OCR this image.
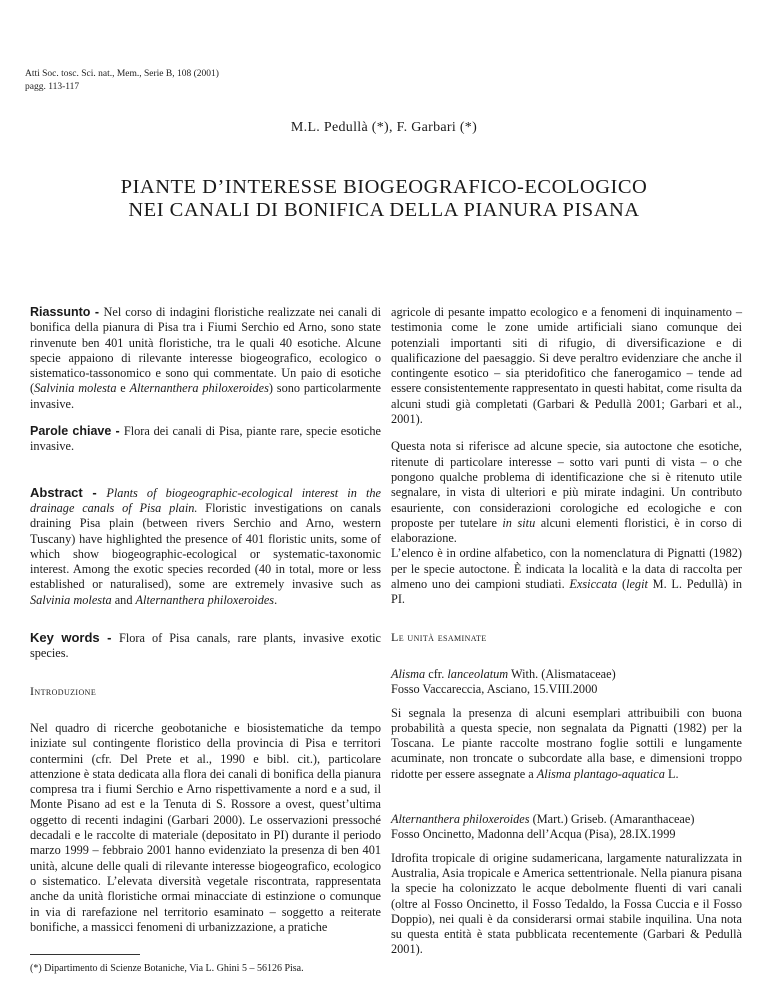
Atti Soc. tosc. Sci. nat., Mem., Serie B, 108 (2001)
pagg. 113-117
M.L. Pedullà (*), F. Garbari (*)
PIANTE D’INTERESSE BIOGEOGRAFICO-ECOLOGICO
NEI CANALI DI BONIFICA DELLA PIANURA PISANA

Riassunto - Nel corso di indagini floristiche realizzate nei canali di bonifica della pianura di Pisa tra i Fiumi Serchio ed Arno, sono state rinvenute ben 401 unità floristiche, tra le quali 40 esotiche. Alcune specie appaiono di rilevante interesse biogeografico, ecologico o sistematico-tassonomico e sono qui commentate. Un paio di esotiche (Salvinia molesta e Alternanthera philoxeroides) sono particolarmente invasive.

Parole chiave - Flora dei canali di Pisa, piante rare, specie esotiche invasive.

Abstract - Plants of biogeographic-ecological interest in the drainage canals of Pisa plain. Floristic investigations on canals draining Pisa plain (between rivers Serchio and Arno, western Tuscany) have highlighted the presence of 401 floristic units, some of which show biogeographic-ecological or systematic-taxonomic interest. Among the exotic species recorded (40 in total, more or less established or naturalised), some are extremely invasive such as Salvinia molesta and Alternanthera philoxeroides.

Key words - Flora of Pisa canals, rare plants, invasive exotic species.

Introduzione

Nel quadro di ricerche geobotaniche e biosistematiche da tempo iniziate sul contingente floristico della provincia di Pisa e territori contermini (cfr. Del Prete et al., 1990 e bibl. cit.), particolare attenzione è stata dedicata alla flora dei canali di bonifica della pianura compresa tra i fiumi Serchio e Arno rispettivamente a nord e a sud, il Monte Pisano ad est e la Tenuta di S. Rossore a ovest, quest’ultima oggetto di recenti indagini (Garbari 2000). Le osservazioni pressoché decadali e le raccolte di materiale (depositato in PI) durante il periodo marzo 1999 – febbraio 2001 hanno evidenziato la presenza di ben 401 unità, alcune delle quali di rilevante interesse biogeografico, ecologico o sistematico. L’elevata diversità vegetale riscontrata, rappresentata anche da unità floristiche ormai minacciate di estinzione o comunque in via di rarefazione nel territorio esaminato – soggetto a reiterate bonifiche, a massicci fenomeni di urbanizzazione, a pratiche

agricole di pesante impatto ecologico e a fenomeni di inquinamento – testimonia come le zone umide artificiali siano comunque dei potenziali importanti siti di rifugio, di diversificazione e di qualificazione del paesaggio. Si deve peraltro evidenziare che anche il contingente esotico – sia pteridofitico che fanerogamico – tende ad essere consistentemente rappresentato in questi habitat, come risulta da alcuni studi già completati (Garbari & Pedullà 2001; Garbari et al., 2001).

Questa nota si riferisce ad alcune specie, sia autoctone che esotiche, ritenute di particolare interesse – sotto vari punti di vista – o che pongono qualche problema di identificazione che si è ritenuto utile segnalare, in vista di ulteriori e più mirate indagini. Un contributo esauriente, con considerazioni corologiche ed ecologiche e con proposte per tutelare in situ alcuni elementi floristici, è in corso di elaborazione.

L’elenco è in ordine alfabetico, con la nomenclatura di Pignatti (1982) per le specie autoctone. È indicata la località e la data di raccolta per almeno uno dei campioni studiati. Exsiccata (legit M. L. Pedullà) in PI.

Le unità esaminate

Alisma cfr. lanceolatum With. (Alismataceae)

Fosso Vaccareccia, Asciano, 15.VIII.2000

Si segnala la presenza di alcuni esemplari attribuibili con buona probabilità a questa specie, non segnalata da Pignatti (1982) per la Toscana. Le piante raccolte mostrano foglie sottili e lungamente acuminate, non troncate o subcordate alla base, e dimensioni troppo ridotte per essere assegnate a Alisma plantago-aquatica L.

Alternanthera philoxeroides (Mart.) Griseb. (Amaranthaceae)

Fosso Oncinetto, Madonna dell’Acqua (Pisa), 28.IX.1999

Idrofita tropicale di origine sudamericana, largamente naturalizzata in Australia, Asia tropicale e America settentrionale. Nella pianura pisana la specie ha colonizzato le acque debolmente fluenti di vari canali (oltre al Fosso Oncinetto, il Fosso Tedaldo, la Fossa Cuccia e il Fosso Doppio), nei quali è da considerarsi ormai stabile inquilina. Una nota su questa entità è stata pubblicata recentemente (Garbari & Pedullà 2001).

(*) Dipartimento di Scienze Botaniche, Via L. Ghini 5 – 56126 Pisa.
